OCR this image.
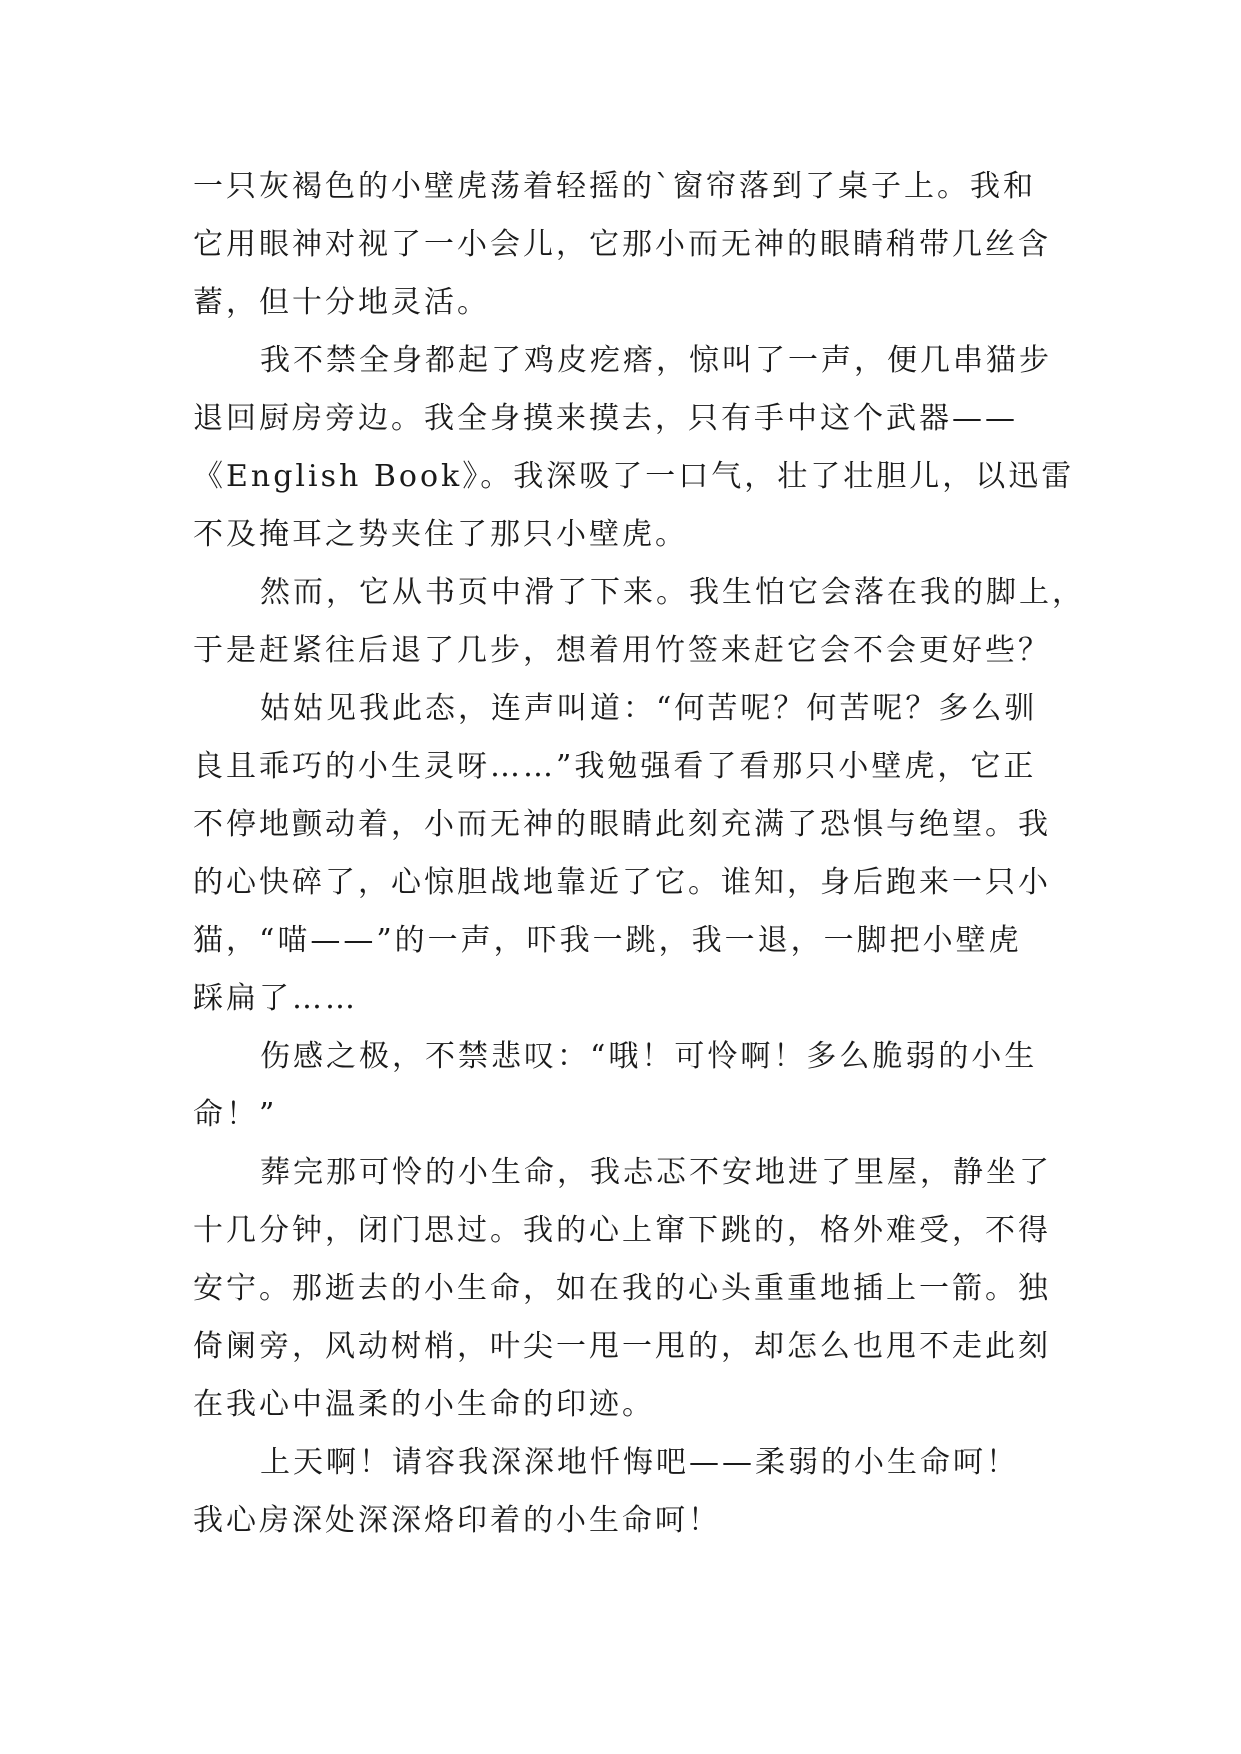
一只灰褐色的小壁虎荡着轻摇的`窗帘落到了桌子上。我和
它用眼神对视了一小会儿，它那小而无神的眼睛稍带几丝含
蓄，但十分地灵活。
我不禁全身都起了鸡皮疙瘩，惊叫了一声，便几串猫步
退回厨房旁边。我全身摸来摸去，只有手中这个武器——
《English Book》。我深吸了一口气，壮了壮胆儿，以迅雷
不及掩耳之势夹住了那只小壁虎。
然而，它从书页中滑了下来。我生怕它会落在我的脚上，
于是赶紧往后退了几步，想着用竹签来赶它会不会更好些？
姑姑见我此态，连声叫道：“何苦呢？何苦呢？多么驯
良且乖巧的小生灵呀……”我勉强看了看那只小壁虎，它正
不停地颤动着，小而无神的眼睛此刻充满了恐惧与绝望。我
的心快碎了，心惊胆战地靠近了它。谁知，身后跑来一只小
猫，“喵——”的一声，吓我一跳，我一退，一脚把小壁虎
踩扁了……
伤感之极，不禁悲叹：“哦！可怜啊！多么脆弱的小生
命！”
葬完那可怜的小生命，我忐忑不安地进了里屋，静坐了
十几分钟，闭门思过。我的心上窜下跳的，格外难受，不得
安宁。那逝去的小生命，如在我的心头重重地插上一箭。独
倚阑旁，风动树梢，叶尖一甩一甩的，却怎么也甩不走此刻
在我心中温柔的小生命的印迹。
上天啊！请容我深深地忏悔吧——柔弱的小生命呵！
我心房深处深深烙印着的小生命呵！
